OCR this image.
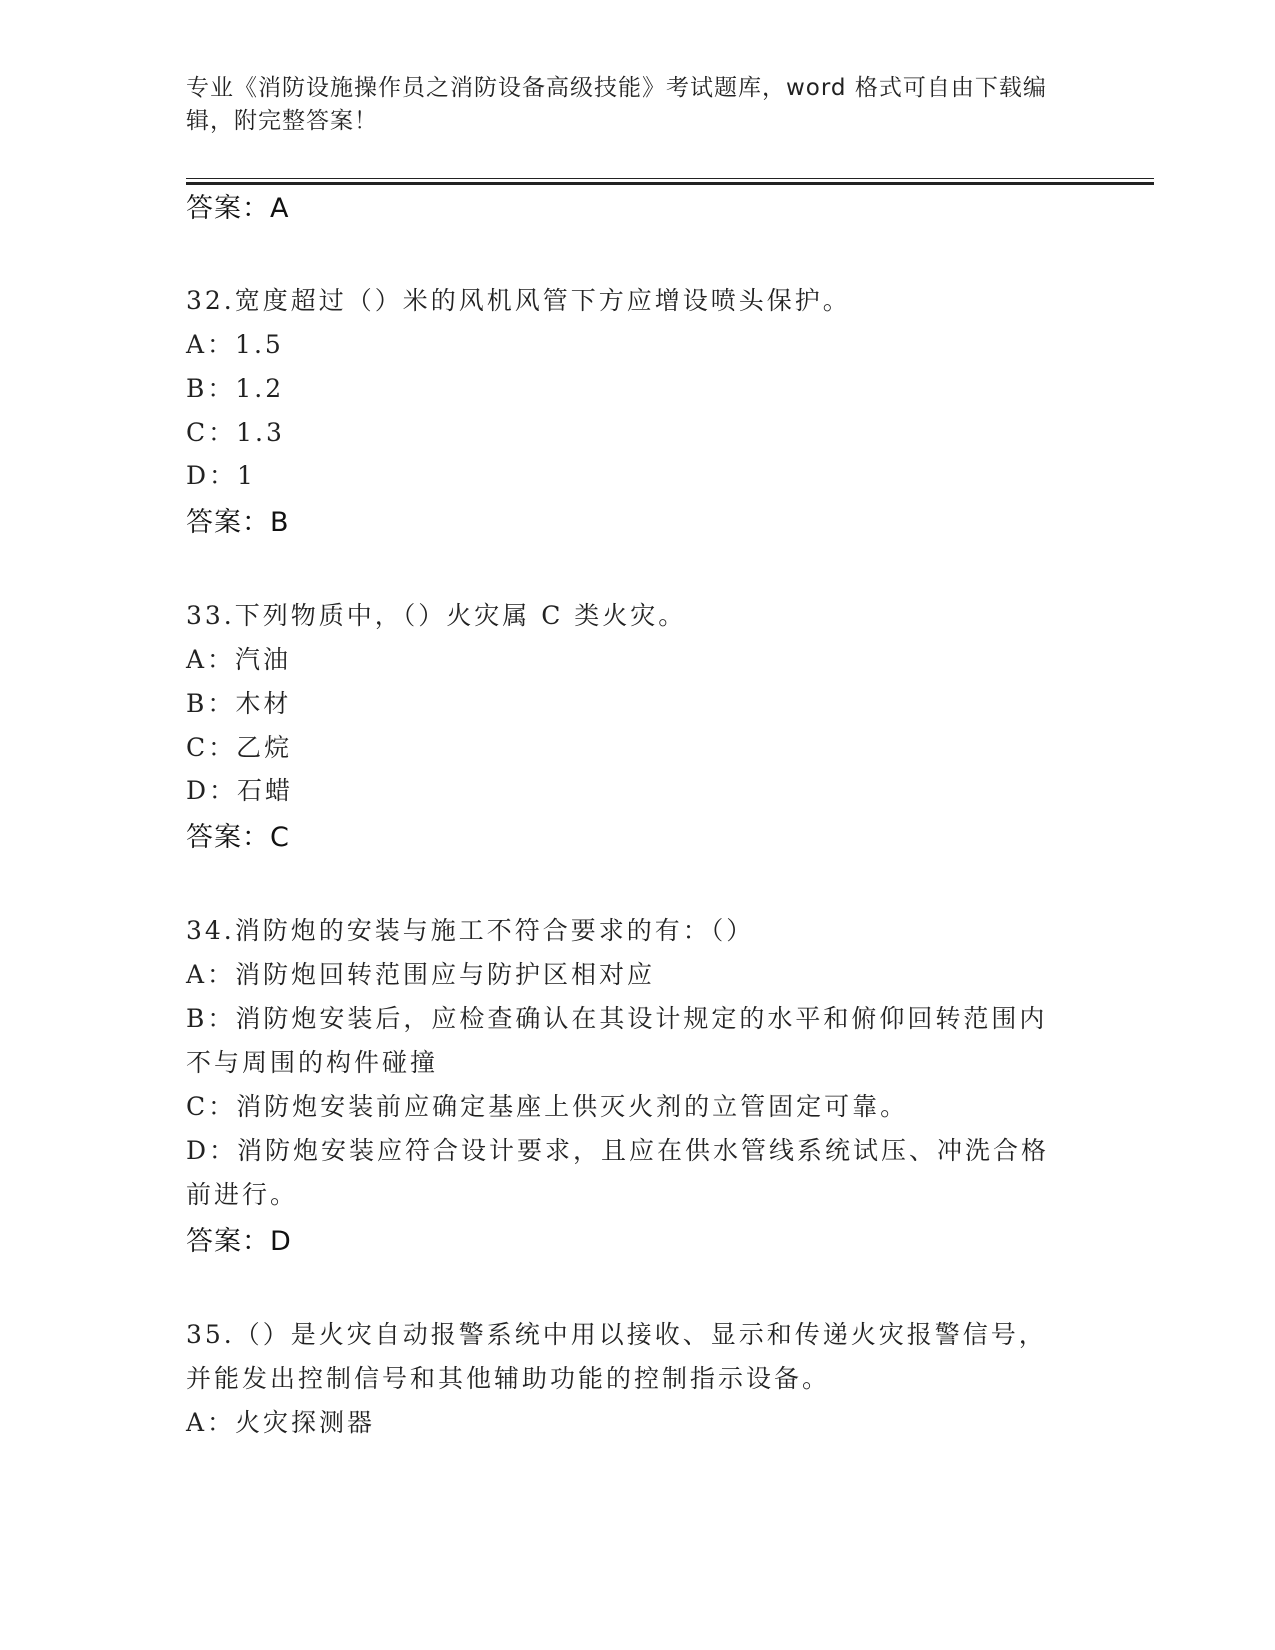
专业《消防设施操作员之消防设备高级技能》考试题库，word 格式可自由下载编
辑，附完整答案！
答案：A
32.宽度超过（）米的风机风管下方应增设喷头保护。
A：1.5
B：1.2
C：1.3
D：1
答案：B
33.下列物质中，（）火灾属 C 类火灾。
A：汽油
B：木材
C：乙烷
D：石蜡
答案：C
34.消防炮的安装与施工不符合要求的有：（）
A：消防炮回转范围应与防护区相对应
B：消防炮安装后，应检查确认在其设计规定的水平和俯仰回转范围内
不与周围的构件碰撞
C：消防炮安装前应确定基座上供灭火剂的立管固定可靠。
D：消防炮安装应符合设计要求，且应在供水管线系统试压、冲洗合格
前进行。
答案：D
35.（）是火灾自动报警系统中用以接收、显示和传递火灾报警信号，
并能发出控制信号和其他辅助功能的控制指示设备。
A：火灾探测器
